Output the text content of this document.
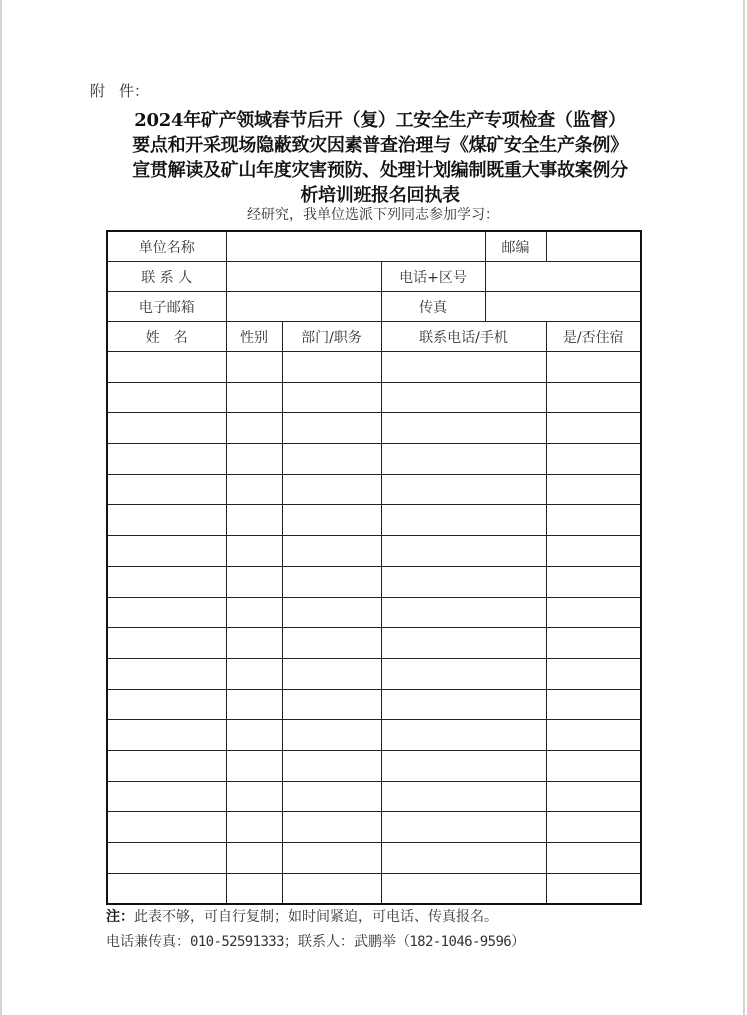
附 件：
2024年矿产领域春节后开（复）工安全生产专项检查（监督）
要点和开采现场隐蔽致灾因素普查治理与《煤矿安全生产条例》
宣贯解读及矿山年度灾害预防、处理计划编制既重大事故案例分
析培训班报名回执表
经研究，我单位选派下列同志参加学习：
单位名称				邮编	
联 系 人			电话+区号		
电子邮箱			传真		
姓　名	性别	部门/职务	联系电话/手机		是/否住宿

注：此表不够，可自行复制；如时间紧迫，可电话、传真报名。
电话兼传真：010-52591333；联系人：武鹏举（182-1046-9596）
